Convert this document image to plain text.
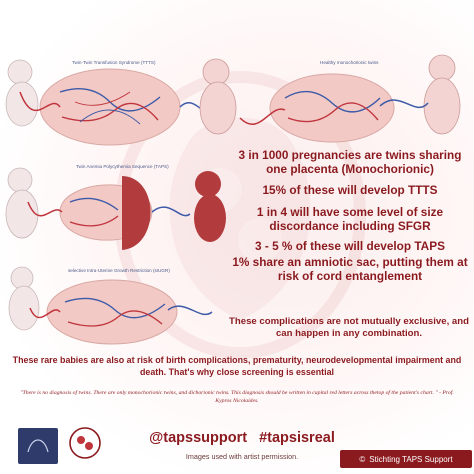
Twin-Twin Transfusion Syndrome (TTTS)	Healthy monochorionic twins
Twin Anemia Polycythemia Sequence (TAPS)
selective Intra-Uterine Growth Restriction (sIUGR)

3 in 1000 pregnancies are twins sharing one placenta (Monochorionic)

15% of these will develop TTTS

1 in 4 will have some level of size discordance including SFGR

3 - 5 % of these will develop TAPS

1% share an amniotic sac, putting them at risk of cord entanglement

These complications are not mutually exclusive, and can happen in any combination.
These rare babies are also at risk of birth complications, prematurity, neurodevelopmental impairment and death. That's why close screening is essential
"There is no diagnosis of twins. There are only monochorionic twins, and dichorionic twins. This diagnosis should be written in capital red letters across thetop of the patient's chart. " - Prof. Kypros Nicolaides.
@tapssupport #tapsisreal
Images used with artist permission.	© Stichting TAPS Support
